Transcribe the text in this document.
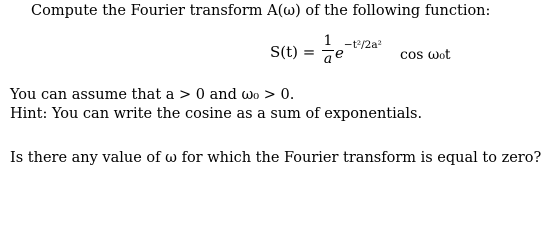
Compute the Fourier transform A(ω) of the following function:
S(t) =
1
a $e^{-t^2/2a^2}$
cos ω₀t
You can assume that a > 0 and ω₀ > 0.
Hint: You can write the cosine as a sum of exponentials.
Is there any value of ω for which the Fourier transform is equal to zero?
